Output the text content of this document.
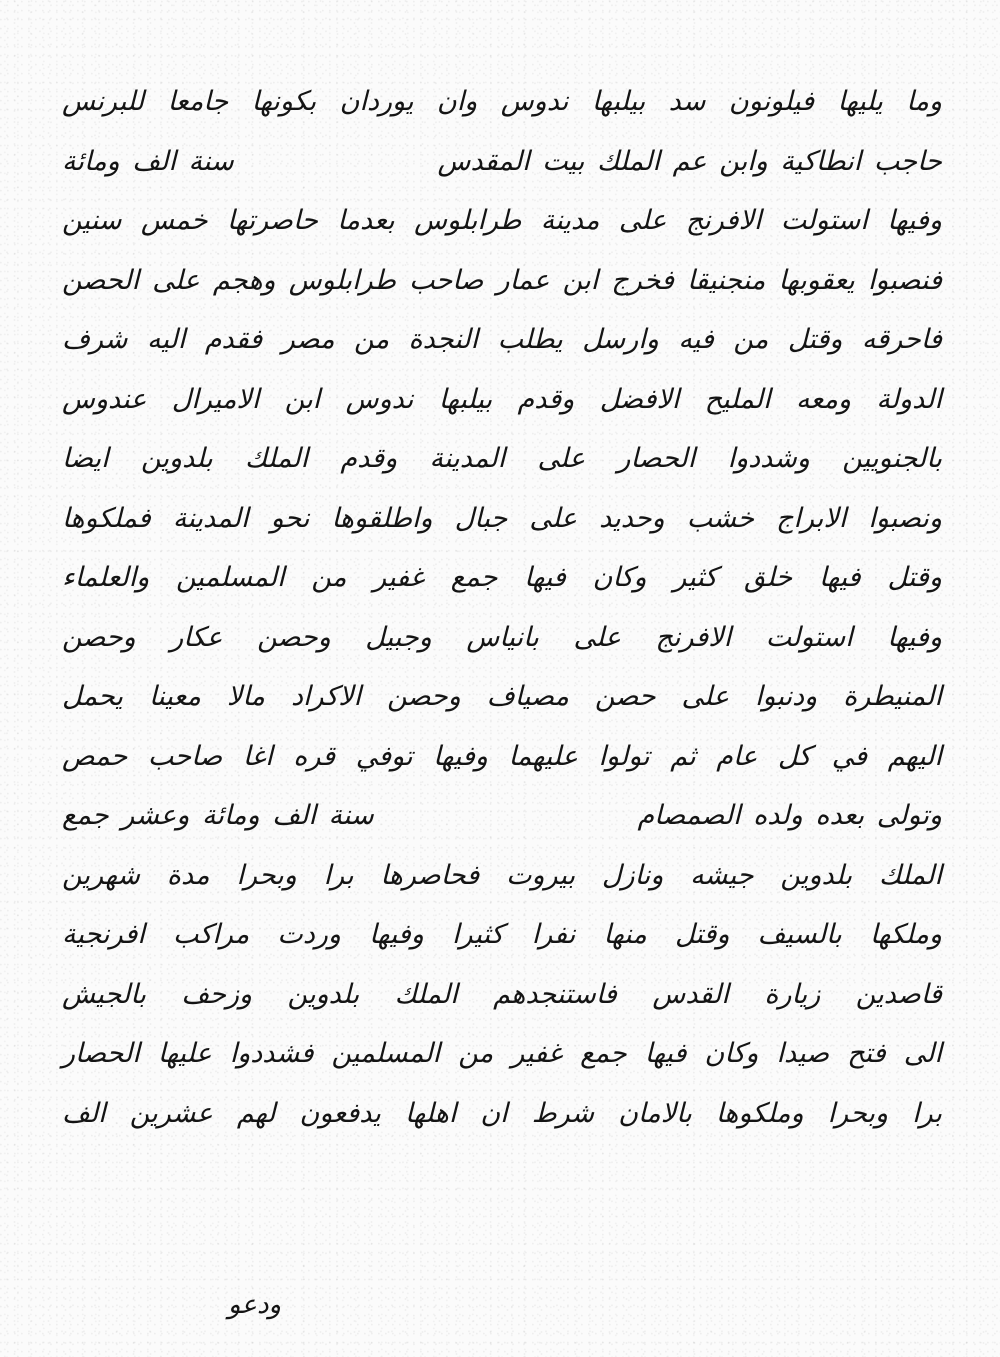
وما يليها فيلونون سد بيلبها ندوس وان يوردان بكونها جامعا للبرنس
حاجب انطاكية وابن عم الملك بيت المقدس
سنة الف ومائة
وفيها استولت الافرنج على مدينة طرابلوس بعدما حاصرتها خمس سنين
فنصبوا يعقوبها منجنيقا فخرج ابن عمار صاحب طرابلوس وهجم على الحصن
فاحرقه وقتل من فيه وارسل يطلب النجدة من مصر فقدم اليه شرف
الدولة ومعه المليح الافضل وقدم بيلبها ندوس ابن الاميرال عندوس
بالجنويين وشددوا الحصار على المدينة وقدم الملك بلدوين ايضا
ونصبوا الابراج خشب وحديد على جبال واطلقوها نحو المدينة فملكوها
وقتل فيها خلق كثير وكان فيها جمع غفير من المسلمين والعلماء
وفيها استولت الافرنج على بانياس وجبيل وحصن عكار وحصن
المنيطرة ودنبوا على حصن مصياف وحصن الاكراد مالا معينا يحمل
اليهم في كل عام ثم تولوا عليهما وفيها توفي قره اغا صاحب حمص
وتولى بعده ولده الصمصام
سنة الف ومائة وعشر جمع
الملك بلدوين جيشه ونازل بيروت فحاصرها برا وبحرا مدة شهرين
وملكها بالسيف وقتل منها نفرا كثيرا وفيها وردت مراكب افرنجية
قاصدين زيارة القدس فاستنجدهم الملك بلدوين وزحف بالجيش
الى فتح صيدا وكان فيها جمع غفير من المسلمين فشددوا عليها الحصار
برا وبحرا وملكوها بالامان شرط ان اهلها يدفعون لهم عشرين الف
ودعو
